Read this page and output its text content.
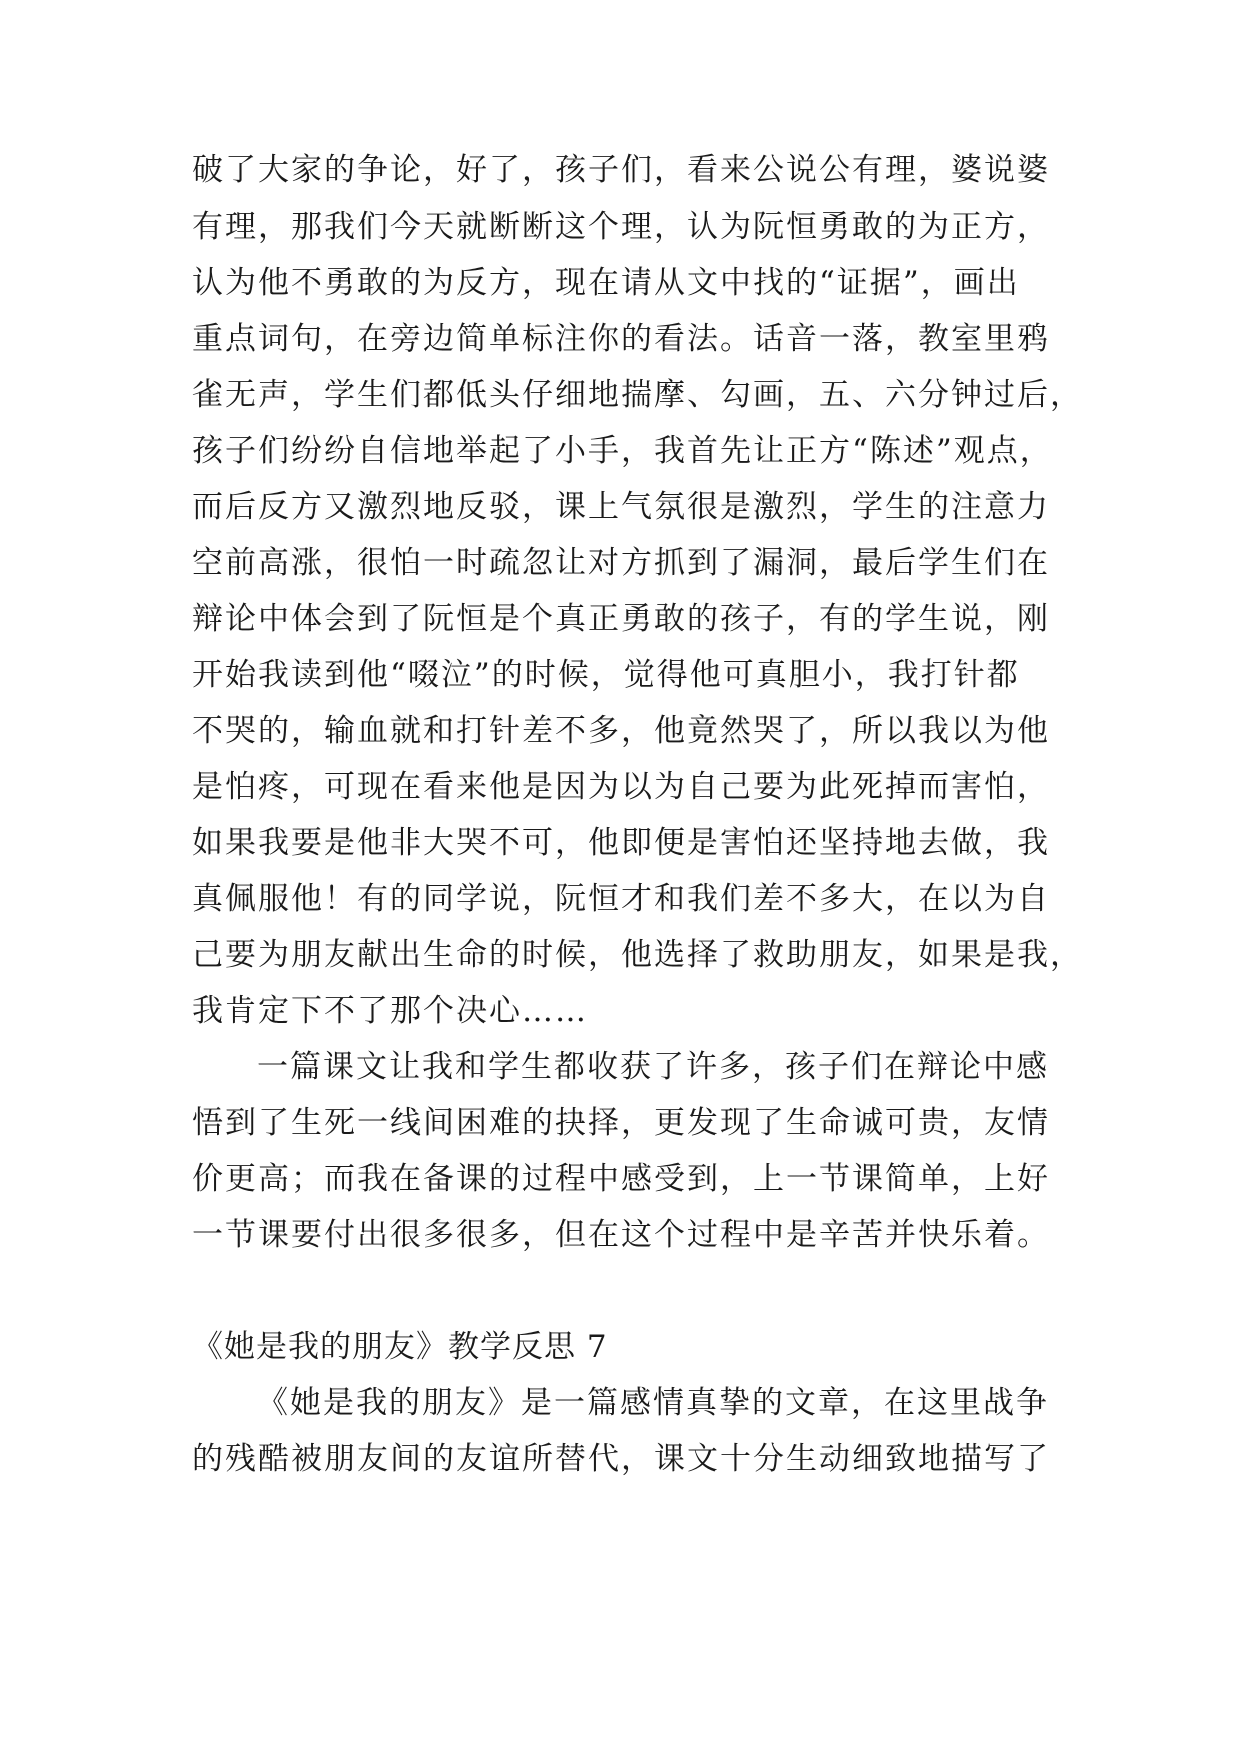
破了大家的争论，好了，孩子们，看来公说公有理，婆说婆
有理，那我们今天就断断这个理，认为阮恒勇敢的为正方，
认为他不勇敢的为反方，现在请从文中找的“证据”，画出
重点词句，在旁边简单标注你的看法。话音一落，教室里鸦
雀无声，学生们都低头仔细地揣摩、勾画，五、六分钟过后，
孩子们纷纷自信地举起了小手，我首先让正方“陈述”观点，
而后反方又激烈地反驳，课上气氛很是激烈，学生的注意力
空前高涨，很怕一时疏忽让对方抓到了漏洞，最后学生们在
辩论中体会到了阮恒是个真正勇敢的孩子，有的学生说，刚
开始我读到他“啜泣”的时候，觉得他可真胆小，我打针都
不哭的，输血就和打针差不多，他竟然哭了，所以我以为他
是怕疼，可现在看来他是因为以为自己要为此死掉而害怕，
如果我要是他非大哭不可，他即便是害怕还坚持地去做，我
真佩服他！有的同学说，阮恒才和我们差不多大，在以为自
己要为朋友献出生命的时候，他选择了救助朋友，如果是我，
我肯定下不了那个决心……
一篇课文让我和学生都收获了许多，孩子们在辩论中感
悟到了生死一线间困难的抉择，更发现了生命诚可贵，友情
价更高；而我在备课的过程中感受到，上一节课简单，上好
一节课要付出很多很多，但在这个过程中是辛苦并快乐着。
《她是我的朋友》教学反思 7
《她是我的朋友》是一篇感情真挚的文章，在这里战争
的残酷被朋友间的友谊所替代，课文十分生动细致地描写了
